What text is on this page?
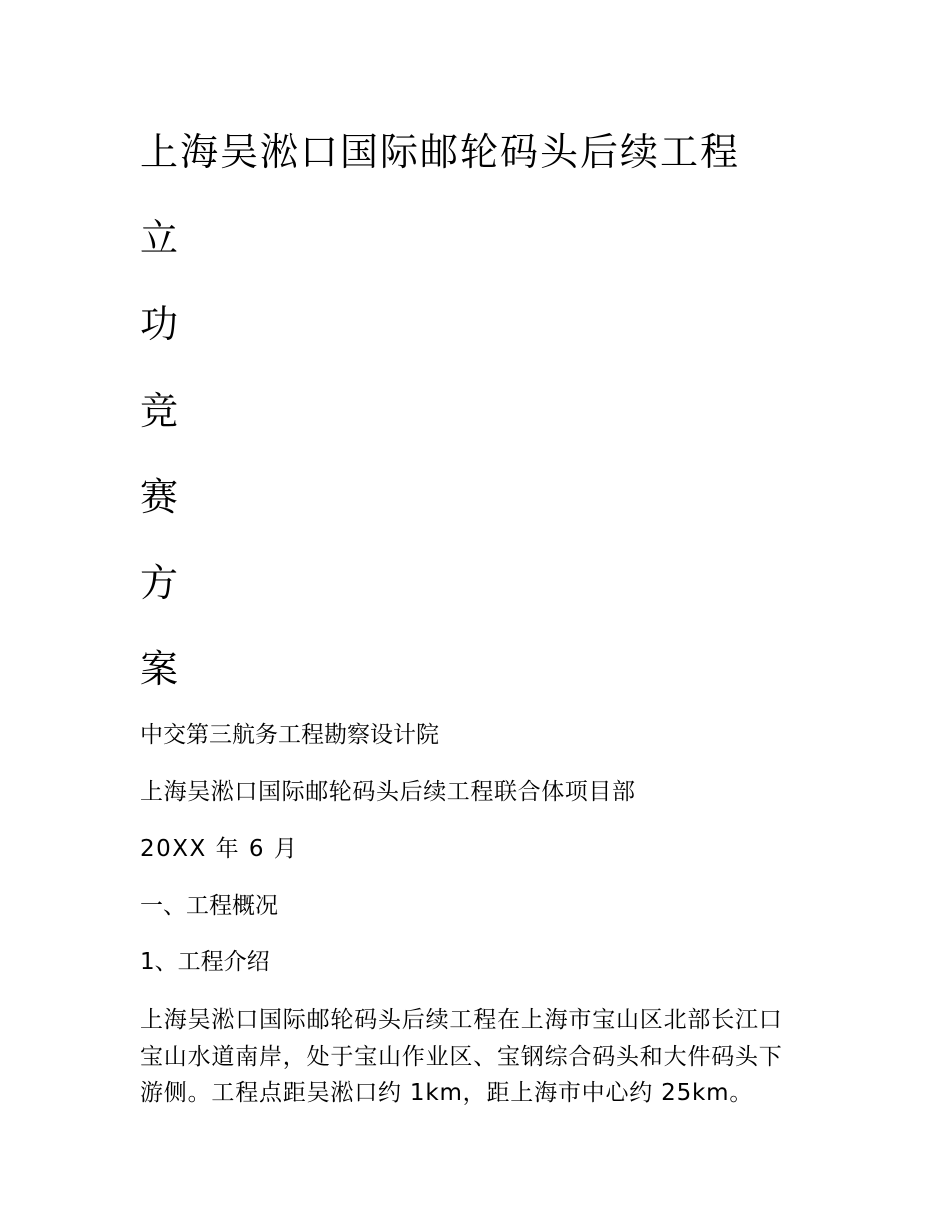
上海吴淞口国际邮轮码头后续工程
立
功
竞
赛
方
案

中交第三航务工程勘察设计院

上海吴淞口国际邮轮码头后续工程联合体项目部

20XX 年 6 月

一、工程概况

1、工程介绍

上海吴淞口国际邮轮码头后续工程在上海市宝山区北部长江口
宝山水道南岸，处于宝山作业区、宝钢综合码头和大件码头下
游侧。工程点距吴淞口约 1km，距上海市中心约 25km。
